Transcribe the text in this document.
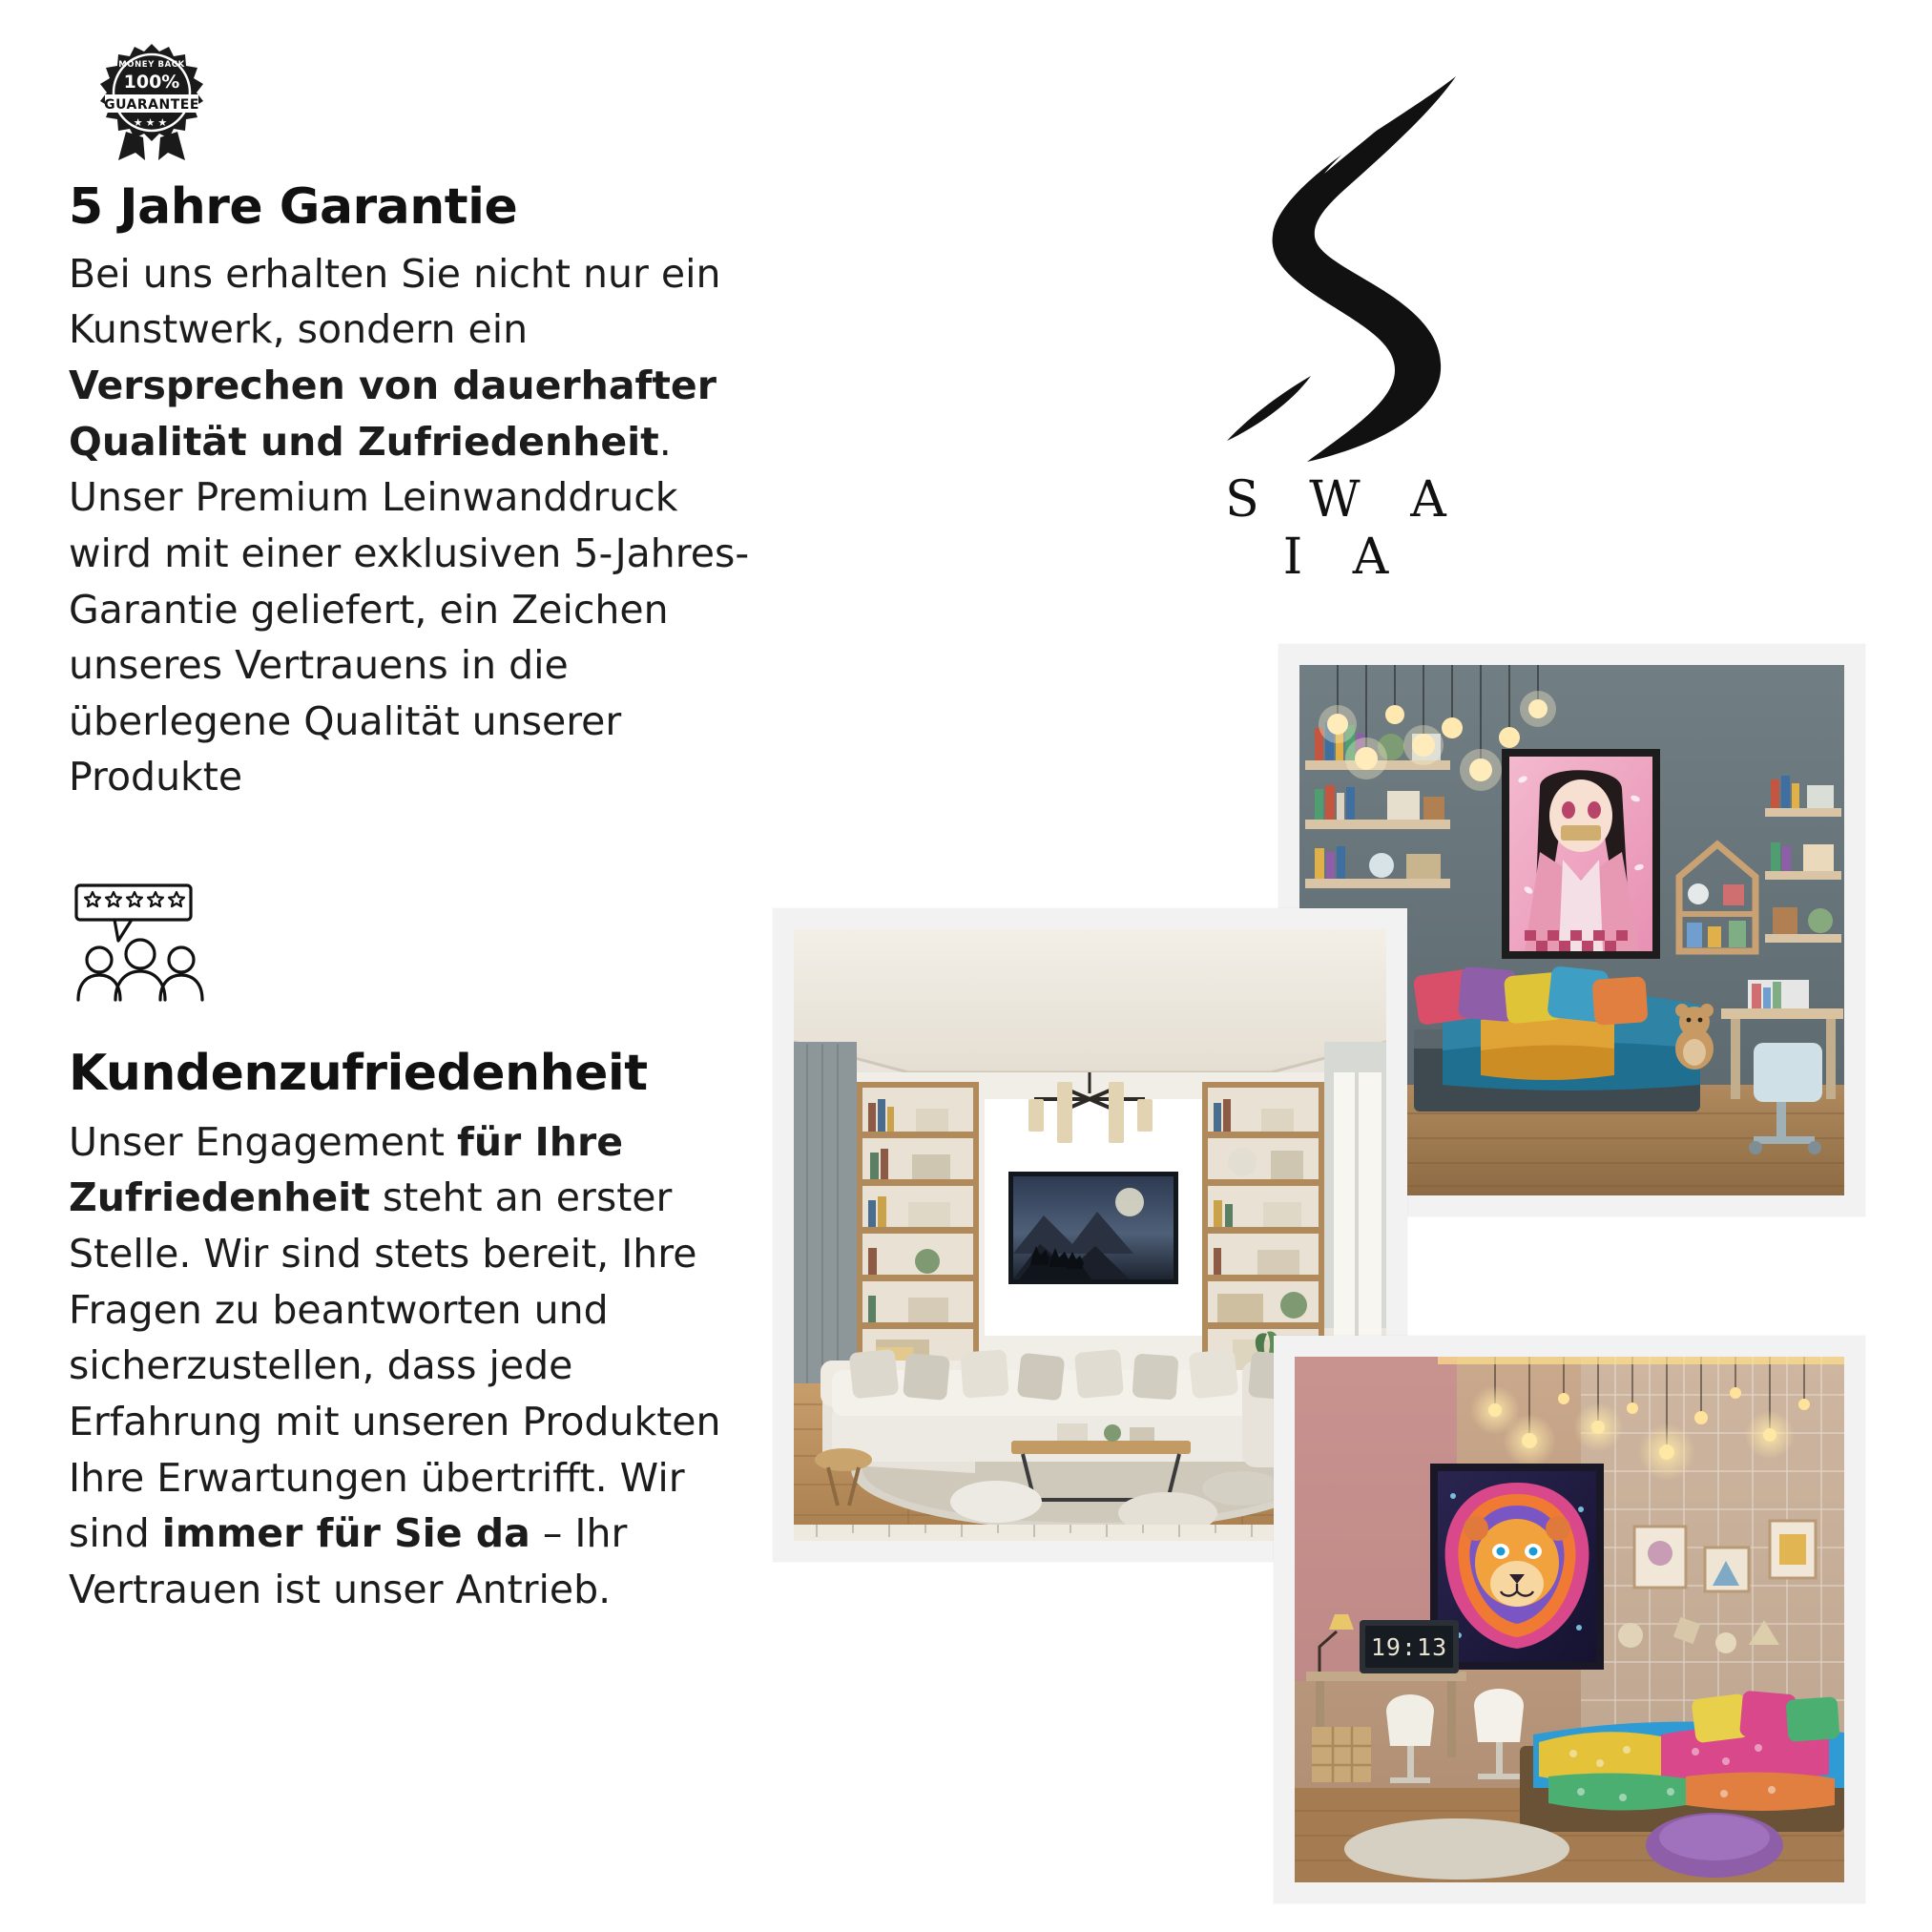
MONEY BACK
100%
GUARANTEE
★★★
5 Jahre Garantie

Bei uns erhalten Sie nicht nur ein Kunstwerk, sondern ein Versprechen von dauerhafter Qualität und Zufriedenheit. Unser Premium Leinwanddruck wird mit einer exklusiven 5-Jahres-Garantie geliefert, ein Zeichen unseres Vertrauens in die überlegene Qualität unserer Produkte

Kundenzufriedenheit

Unser Engagement für Ihre Zufriedenheit steht an erster Stelle. Wir sind stets bereit, Ihre Fragen zu beantworten und sicherzustellen, dass jede Erfahrung mit unseren Produkten Ihre Erwartungen übertrifft. Wir sind immer für Sie da – Ihr Vertrauen ist unser Antrieb.

S W A I A
19:13
